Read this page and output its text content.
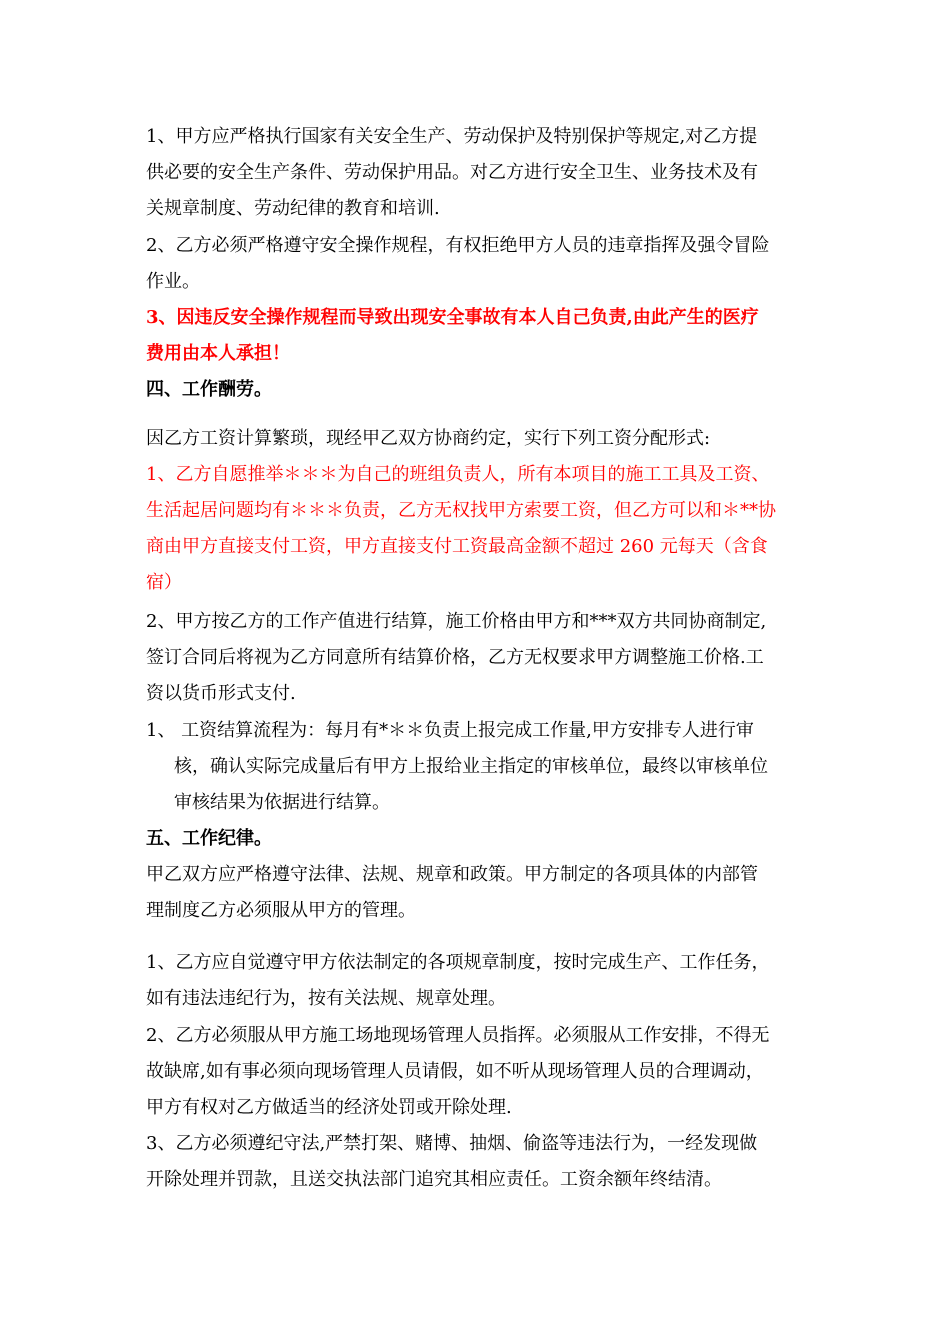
1、甲方应严格执行国家有关安全生产、劳动保护及特别保护等规定,对乙方提
供必要的安全生产条件、劳动保护用品。对乙方进行安全卫生、业务技术及有
关规章制度、劳动纪律的教育和培训.
2、乙方必须严格遵守安全操作规程，有权拒绝甲方人员的违章指挥及强令冒险
作业。
3、因违反安全操作规程而导致出现安全事故有本人自己负责,由此产生的医疗
费用由本人承担！
四、工作酬劳。
因乙方工资计算繁琐，现经甲乙双方协商约定，实行下列工资分配形式:
1、乙方自愿推举＊＊＊为自己的班组负责人，所有本项目的施工工具及工资、
生活起居问题均有＊＊＊负责，乙方无权找甲方索要工资，但乙方可以和＊**协
商由甲方直接支付工资，甲方直接支付工资最高金额不超过 260 元每天（含食
宿）
2、甲方按乙方的工作产值进行结算，施工价格由甲方和***双方共同协商制定,
签订合同后将视为乙方同意所有结算价格，乙方无权要求甲方调整施工价格.工
资以货币形式支付.
1、 工资结算流程为：每月有*＊＊负责上报完成工作量,甲方安排专人进行审
核，确认实际完成量后有甲方上报给业主指定的审核单位，最终以审核单位
审核结果为依据进行结算。
五、工作纪律。
甲乙双方应严格遵守法律、法规、规章和政策。甲方制定的各项具体的内部管
理制度乙方必须服从甲方的管理。
1、乙方应自觉遵守甲方依法制定的各项规章制度，按时完成生产、工作任务，
如有违法违纪行为，按有关法规、规章处理。
2、乙方必须服从甲方施工场地现场管理人员指挥。必须服从工作安排，不得无
故缺席,如有事必须向现场管理人员请假，如不听从现场管理人员的合理调动，
甲方有权对乙方做适当的经济处罚或开除处理.
3、乙方必须遵纪守法,严禁打架、赌博、抽烟、偷盗等违法行为，一经发现做
开除处理并罚款，且送交执法部门追究其相应责任。工资余额年终结清。
